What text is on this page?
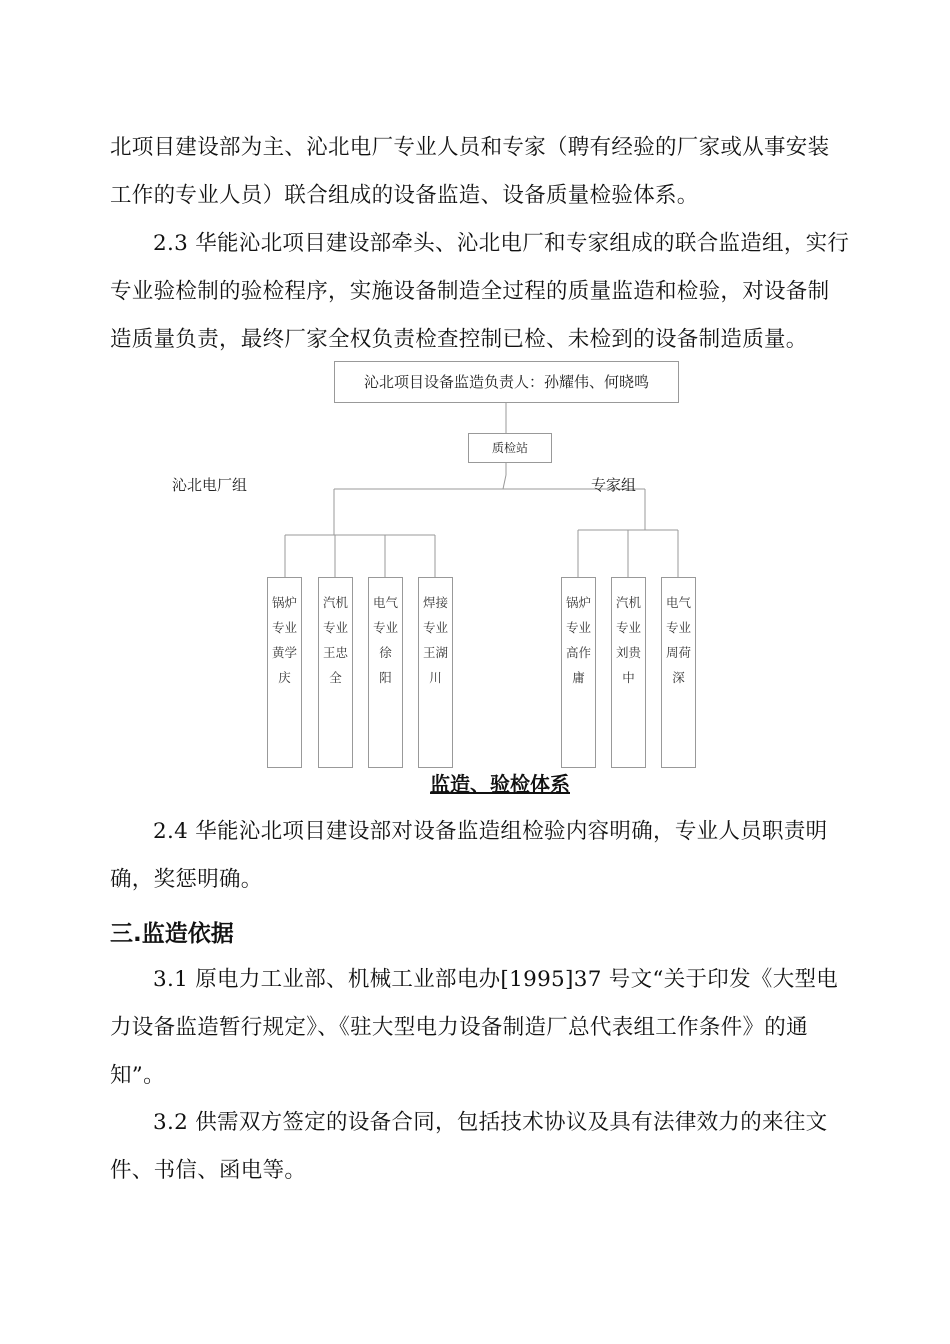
北项目建设部为主、沁北电厂专业人员和专家（聘有经验的厂家或从事安装工作的专业人员）联合组成的设备监造、设备质量检验体系。

2.3 华能沁北项目建设部牵头、沁北电厂和专家组成的联合监造组，实行专业验检制的验检程序，实施设备制造全过程的质量监造和检验，对设备制造质量负责，最终厂家全权负责检查控制已检、未检到的设备制造质量。

沁北项目设备监造负责人：孙耀伟、何晓鸣
质检站
沁北电厂组	专家组
锅炉
专业
黄学
庆
汽机
专业
王忠
全
电气
专业
徐
阳
焊接
专业
王湖
川
锅炉
专业
高作
庸
汽机
专业
刘贵
中
电气
专业
周荷
深
监造、验检体系

2.4 华能沁北项目建设部对设备监造组检验内容明确，专业人员职责明确，奖惩明确。

三.监造依据

3.1 原电力工业部、机械工业部电办[1995]37 号文“关于印发《大型电力设备监造暂行规定》、《驻大型电力设备制造厂总代表组工作条件》的通知”。

3.2 供需双方签定的设备合同，包括技术协议及具有法律效力的来往文件、书信、函电等。
